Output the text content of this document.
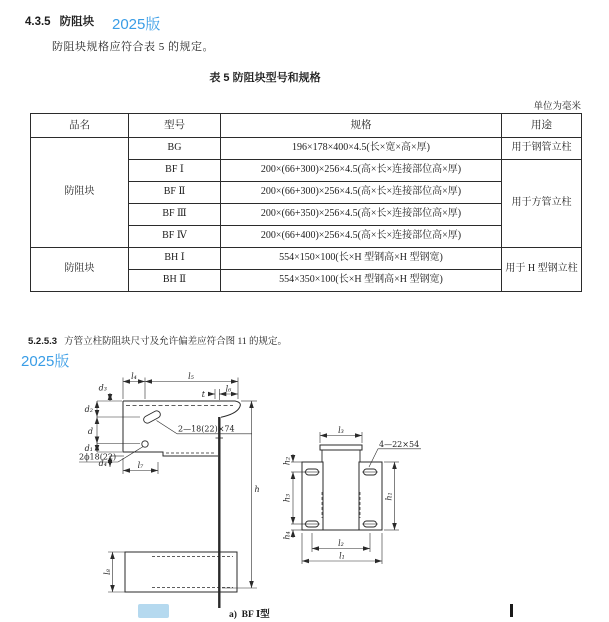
4.3.5 防阻块 2025版
防阻块规格应符合表 5 的规定。
表 5 防阻块型号和规格
单位为毫米
品名	型号	规格	用途
防阻块	BG	196×178×400×4.5(长×宽×高×厚)	用于钢管立柱
	BF Ⅰ	200×(66+300)×256×4.5(高×长×连接部位高×厚)	用于方管立柱
	BF Ⅱ	200×(66+300)×256×4.5(高×长×连接部位高×厚)	
	BF Ⅲ	200×(66+350)×256×4.5(高×长×连接部位高×厚)	
	BF Ⅳ	200×(66+400)×256×4.5(高×长×连接部位高×厚)	
防阻块	BH Ⅰ	554×150×100(长×H 型钢高×H 型钢宽)	用于 H 型钢立柱
	BH Ⅱ	554×350×100(长×H 型钢高×H 型钢宽)	
5.2.5.3 方管立柱防阻块尺寸及允许偏差应符合图 11 的规定。
2025版
l₄	l₅
t
l₆
d₂
d
d₁
d₃
d₄	l₇
h
2—18(22)×74
2ϕ18(22)
l₃
4—22×54
h₁
h₂
h₃
h₄
l₂
l₁
l₈
a)  BF Ⅰ型
